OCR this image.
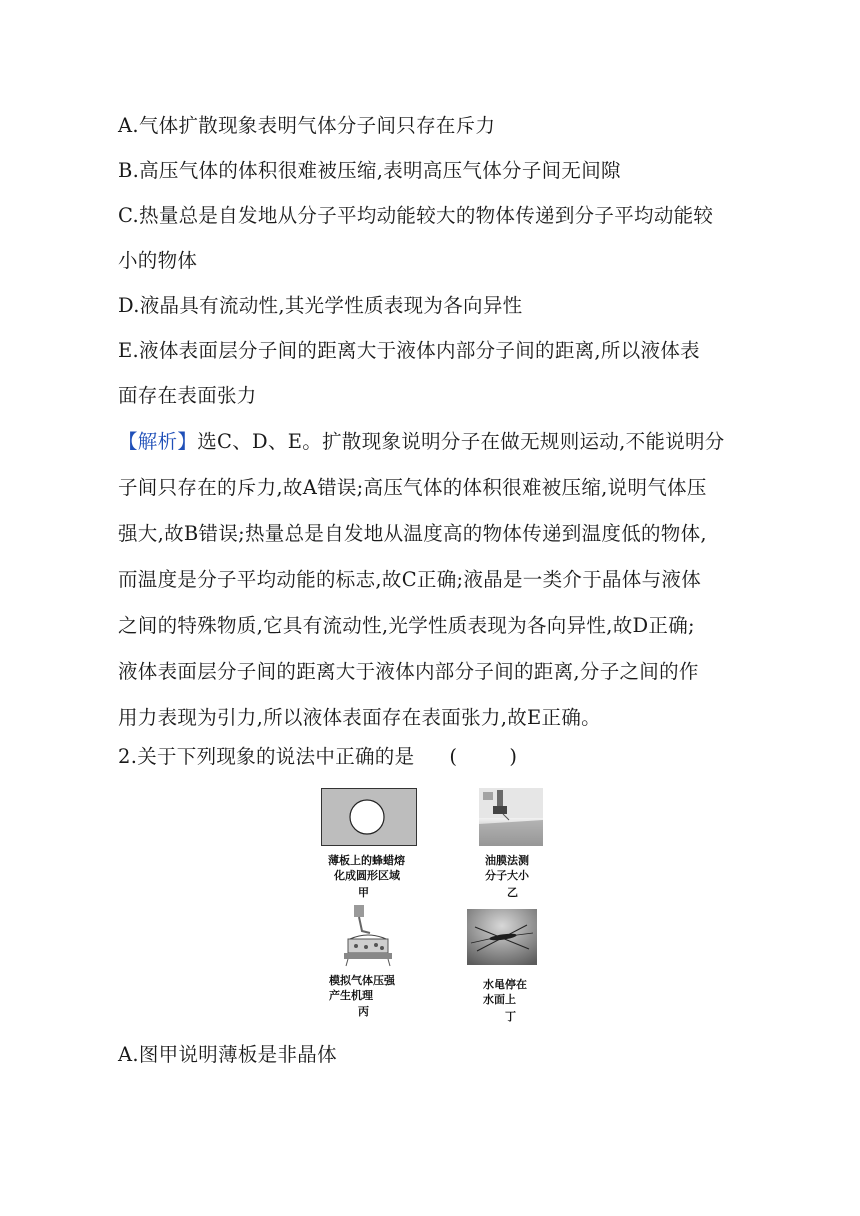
A.气体扩散现象表明气体分子间只存在斥力
B.高压气体的体积很难被压缩,表明高压气体分子间无间隙
C.热量总是自发地从分子平均动能较大的物体传递到分子平均动能较
小的物体
D.液晶具有流动性,其光学性质表现为各向异性
E.液体表面层分子间的距离大于液体内部分子间的距离,所以液体表
面存在表面张力
【解析】选C、D、E。扩散现象说明分子在做无规则运动,不能说明分
子间只存在的斥力,故A错误;高压气体的体积很难被压缩,说明气体压
强大,故B错误;热量总是自发地从温度高的物体传递到温度低的物体,
而温度是分子平均动能的标志,故C正确;液晶是一类介于晶体与液体
之间的特殊物质,它具有流动性,光学性质表现为各向异性,故D正确;
液体表面层分子间的距离大于液体内部分子间的距离,分子之间的作
用力表现为引力,所以液体表面存在表面张力,故E正确。
2.关于下列现象的说法中正确的是 (	)
薄板上的蜂蜡熔
化成圆形区域
甲
油膜法测
分子大小
乙
模拟气体压强
产生机理
丙
水黾停在
水面上
丁
A.图甲说明薄板是非晶体
